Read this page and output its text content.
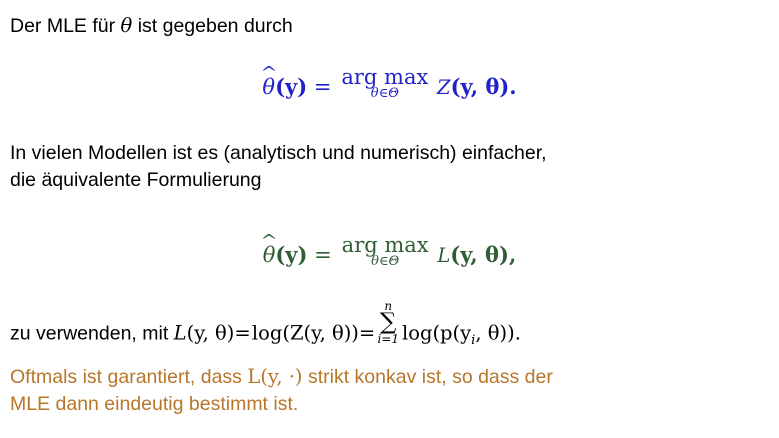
Der MLE für θ ist gegeben durch
^
θ(y) = arg max
θ∈Θ	Z(y, θ).
In vielen Modellen ist es (analytisch und numerisch) einfacher,
die äquivalente Formulierung
^
θ(y) = arg max
θ∈Θ	L(y, θ),
zu verwenden, mit L(y, θ)=log(Z(y, θ))=
n
∑
i=1 $\log(p(y_i$, θ)).
Oftmals ist garantiert, dass L(y, ·) strikt konkav ist, so dass der
MLE dann eindeutig bestimmt ist.
